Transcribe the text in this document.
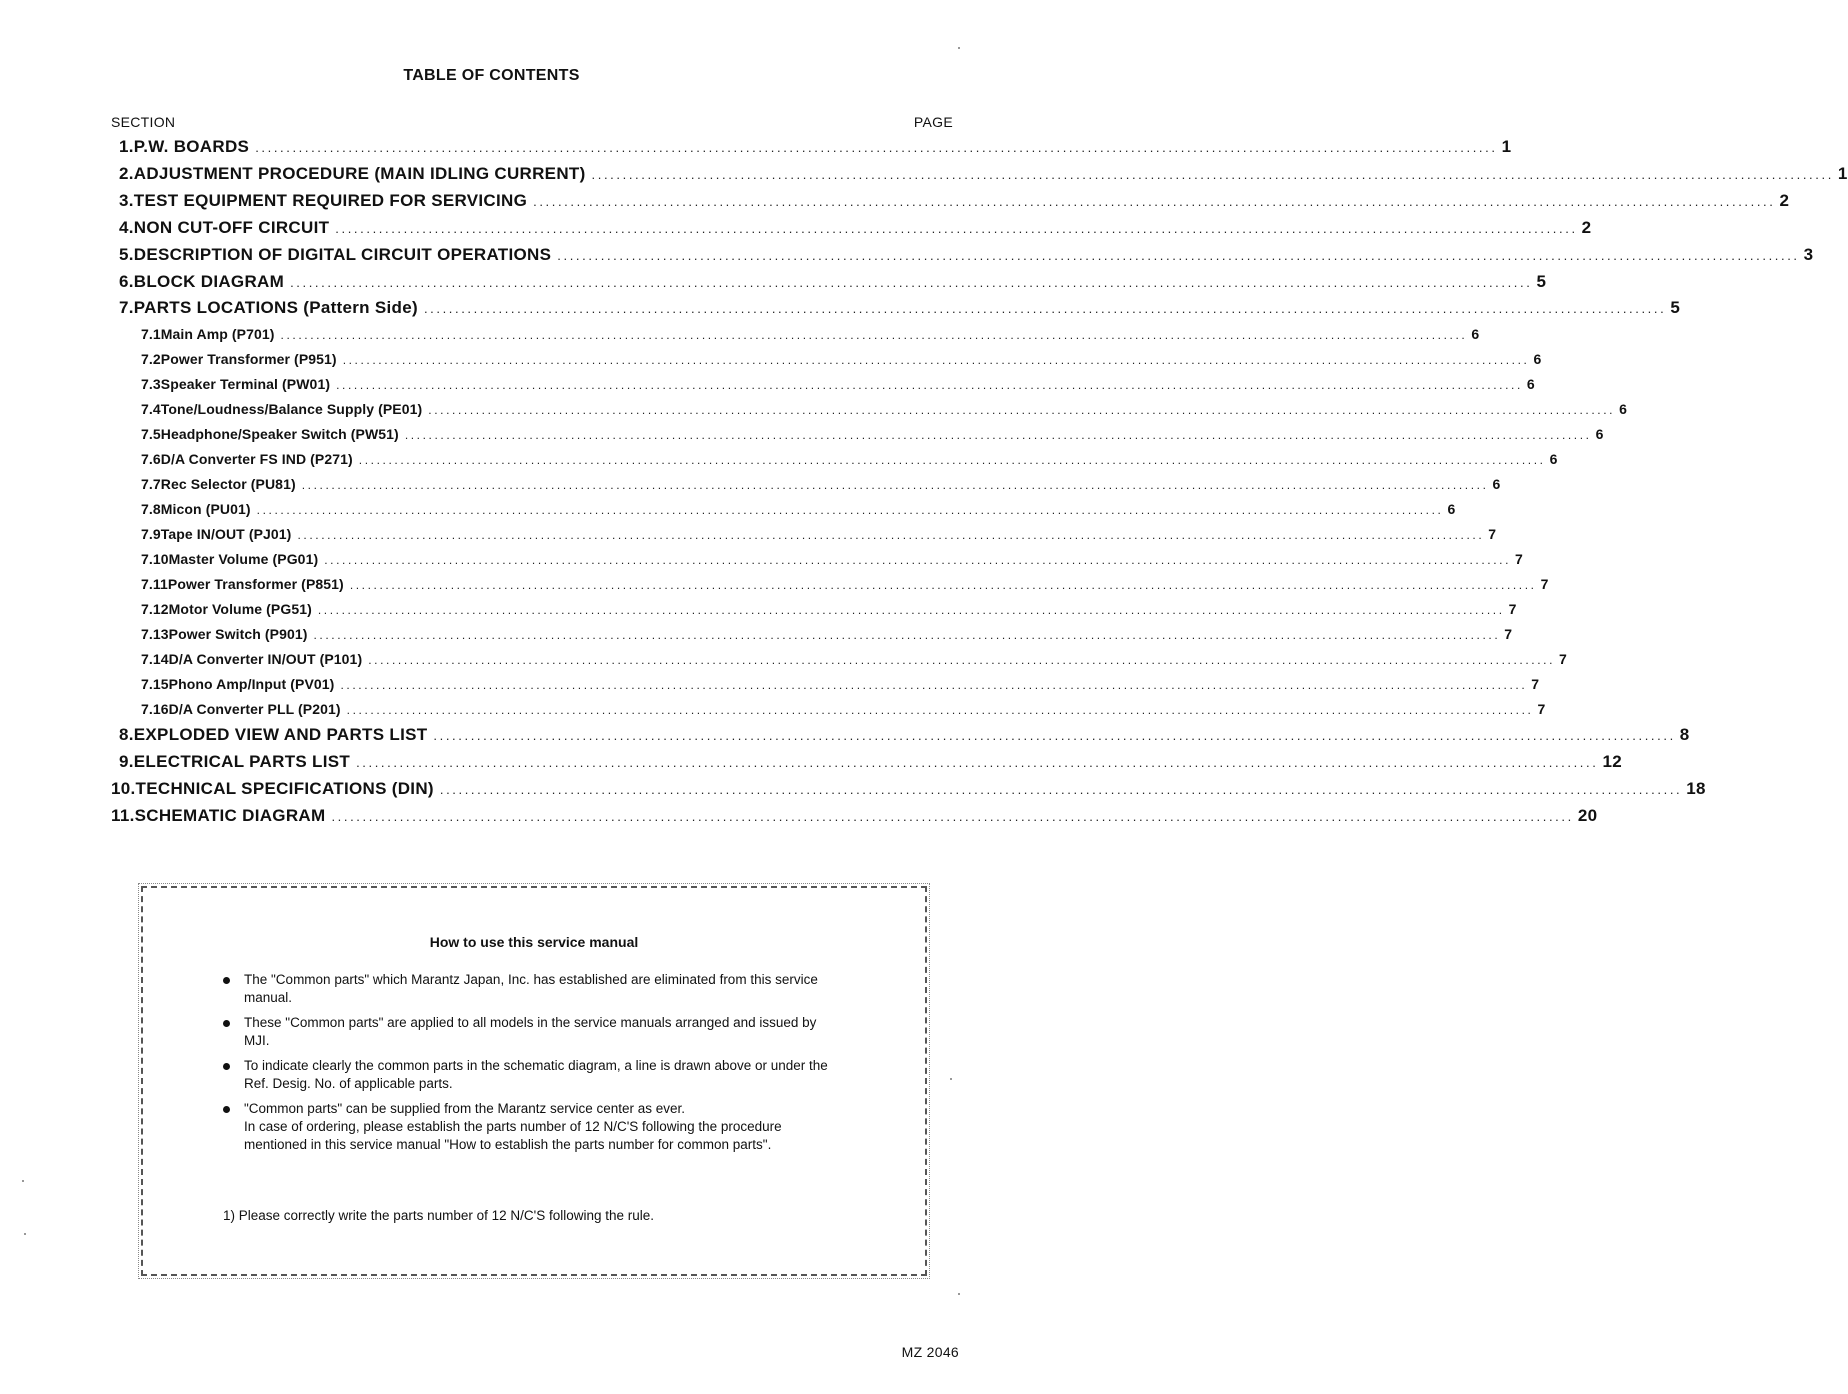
TABLE OF CONTENTS
SECTION	PAGE
1. P.W. BOARDS ........................................................................................................................................................................................................ 1
2. ADJUSTMENT PROCEDURE (MAIN IDLING CURRENT) ........................................................................................................................................................................................................ 1
3. TEST EQUIPMENT REQUIRED FOR SERVICING ........................................................................................................................................................................................................ 2
4. NON CUT-OFF CIRCUIT ........................................................................................................................................................................................................ 2
5. DESCRIPTION OF DIGITAL CIRCUIT OPERATIONS ........................................................................................................................................................................................................ 3
6. BLOCK DIAGRAM ........................................................................................................................................................................................................ 5
7. PARTS LOCATIONS (Pattern Side) ........................................................................................................................................................................................................ 5
7.1 Main Amp (P701) ........................................................................................................................................................................................................ 6
7.2 Power Transformer (P951) ........................................................................................................................................................................................................ 6
7.3 Speaker Terminal (PW01) ........................................................................................................................................................................................................ 6
7.4 Tone/Loudness/Balance Supply (PE01) ........................................................................................................................................................................................................ 6
7.5 Headphone/Speaker Switch (PW51) ........................................................................................................................................................................................................ 6
7.6 D/A Converter FS IND (P271) ........................................................................................................................................................................................................ 6
7.7 Rec Selector (PU81) ........................................................................................................................................................................................................ 6
7.8 Micon (PU01) ........................................................................................................................................................................................................ 6
7.9 Tape IN/OUT (PJ01) ........................................................................................................................................................................................................ 7
7.10 Master Volume (PG01) ........................................................................................................................................................................................................ 7
7.11 Power Transformer (P851) ........................................................................................................................................................................................................ 7
7.12 Motor Volume (PG51) ........................................................................................................................................................................................................ 7
7.13 Power Switch (P901) ........................................................................................................................................................................................................ 7
7.14 D/A Converter IN/OUT (P101) ........................................................................................................................................................................................................ 7
7.15 Phono Amp/Input (PV01) ........................................................................................................................................................................................................ 7
7.16 D/A Converter PLL (P201) ........................................................................................................................................................................................................ 7
8. EXPLODED VIEW AND PARTS LIST ........................................................................................................................................................................................................ 8
9. ELECTRICAL PARTS LIST ........................................................................................................................................................................................................ 12
10. TECHNICAL SPECIFICATIONS (DIN) ........................................................................................................................................................................................................ 18
11. SCHEMATIC DIAGRAM ........................................................................................................................................................................................................ 20
How to use this service manual
The "Common parts" which Marantz Japan, Inc. has established are eliminated from this service manual.
These "Common parts" are applied to all models in the service manuals arranged and issued by MJI.
To indicate clearly the common parts in the schematic diagram, a line is drawn above or under the Ref. Desig. No. of applicable parts.
"Common parts" can be supplied from the Marantz service center as ever.
In case of ordering, please establish the parts number of 12 N/C'S following the procedure mentioned in this service manual "How to establish the parts number for common parts".
1) Please correctly write the parts number of 12 N/C'S following the rule.
MZ 2046
